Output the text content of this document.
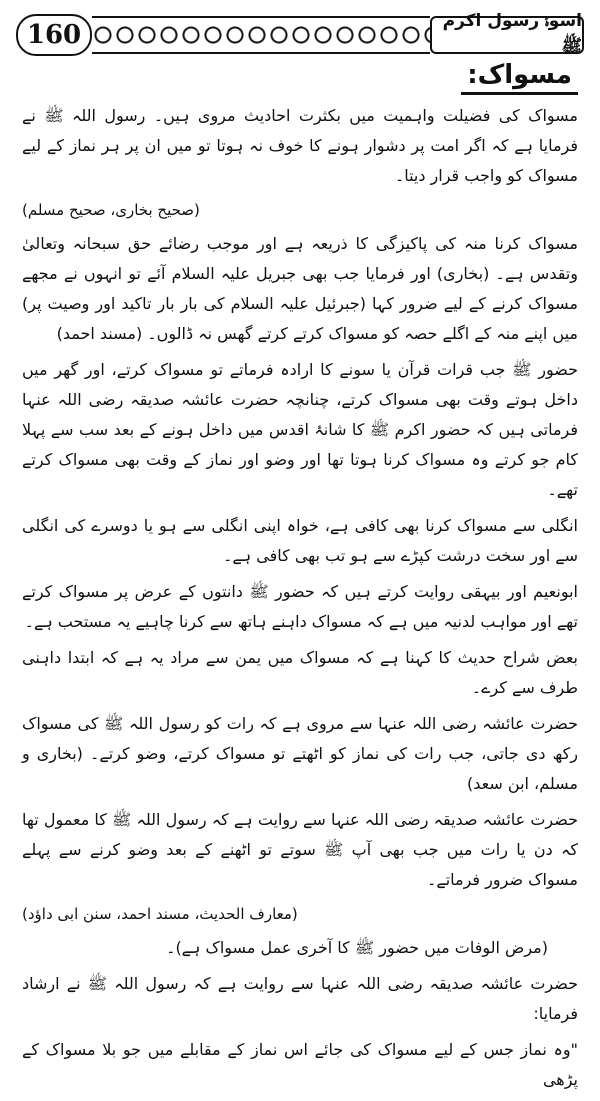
160	اسوۂ رسول اکرم ﷺ
مسواک:

مسواک کی فضیلت واہمیت میں بکثرت احادیث مروی ہیں۔ رسول اللہ ﷺ نے فرمایا ہے کہ اگر امت پر دشوار ہونے کا خوف نہ ہوتا تو میں ان پر ہر نماز کے لیے مسواک کو واجب قرار دیتا۔

(صحیح بخاری، صحیح مسلم)

مسواک کرنا منہ کی پاکیزگی کا ذریعہ ہے اور موجب رضائے حق سبحانہ وتعالیٰ وتقدس ہے۔ (بخاری) اور فرمایا جب بھی جبریل علیہ السلام آئے تو انہوں نے مجھے مسواک کرنے کے لیے ضرور کہا (جبرئیل علیہ السلام کی بار بار تاکید اور وصیت پر) میں اپنے منہ کے اگلے حصہ کو مسواک کرتے کرتے گھس نہ ڈالوں۔ (مسند احمد)

حضور ﷺ جب قرات قرآن یا سونے کا ارادہ فرماتے تو مسواک کرتے، اور گھر میں داخل ہوتے وقت بھی مسواک کرتے، چنانچہ حضرت عائشہ صدیقہ رضی اللہ عنہا فرماتی ہیں کہ حضور اکرم ﷺ کا شانۂ اقدس میں داخل ہونے کے بعد سب سے پہلا کام جو کرتے وہ مسواک کرنا ہوتا تھا اور وضو اور نماز کے وقت بھی مسواک کرتے تھے۔

انگلی سے مسواک کرنا بھی کافی ہے، خواہ اپنی انگلی سے ہو یا دوسرے کی انگلی سے اور سخت درشت کپڑے سے ہو تب بھی کافی ہے۔

ابونعیم اور بیہقی روایت کرتے ہیں کہ حضور ﷺ دانتوں کے عرض پر مسواک کرتے تھے اور مواہب لدنیہ میں ہے کہ مسواک داہنے ہاتھ سے کرنا چاہیے یہ مستحب ہے۔

بعض شراح حدیث کا کہنا ہے کہ مسواک میں یمن سے مراد یہ ہے کہ ابتدا داہنی طرف سے کرے۔

حضرت عائشہ رضی اللہ عنہا سے مروی ہے کہ رات کو رسول اللہ ﷺ کی مسواک رکھ دی جاتی، جب رات کی نماز کو اٹھتے تو مسواک کرتے، وضو کرتے۔ (بخاری و مسلم، ابن سعد)

حضرت عائشہ صدیقہ رضی اللہ عنہا سے روایت ہے کہ رسول اللہ ﷺ کا معمول تھا کہ دن یا رات میں جب بھی آپ ﷺ سوتے تو اٹھنے کے بعد وضو کرنے سے پہلے مسواک ضرور فرماتے۔

(معارف الحدیث، مسند احمد، سنن ابی داؤد)

(مرض الوفات میں حضور ﷺ کا آخری عمل مسواک ہے)۔

حضرت عائشہ صدیقہ رضی اللہ عنہا سے روایت ہے کہ رسول اللہ ﷺ نے ارشاد فرمایا:

"وہ نماز جس کے لیے مسواک کی جائے اس نماز کے مقابلے میں جو بلا مسواک کے پڑھی
